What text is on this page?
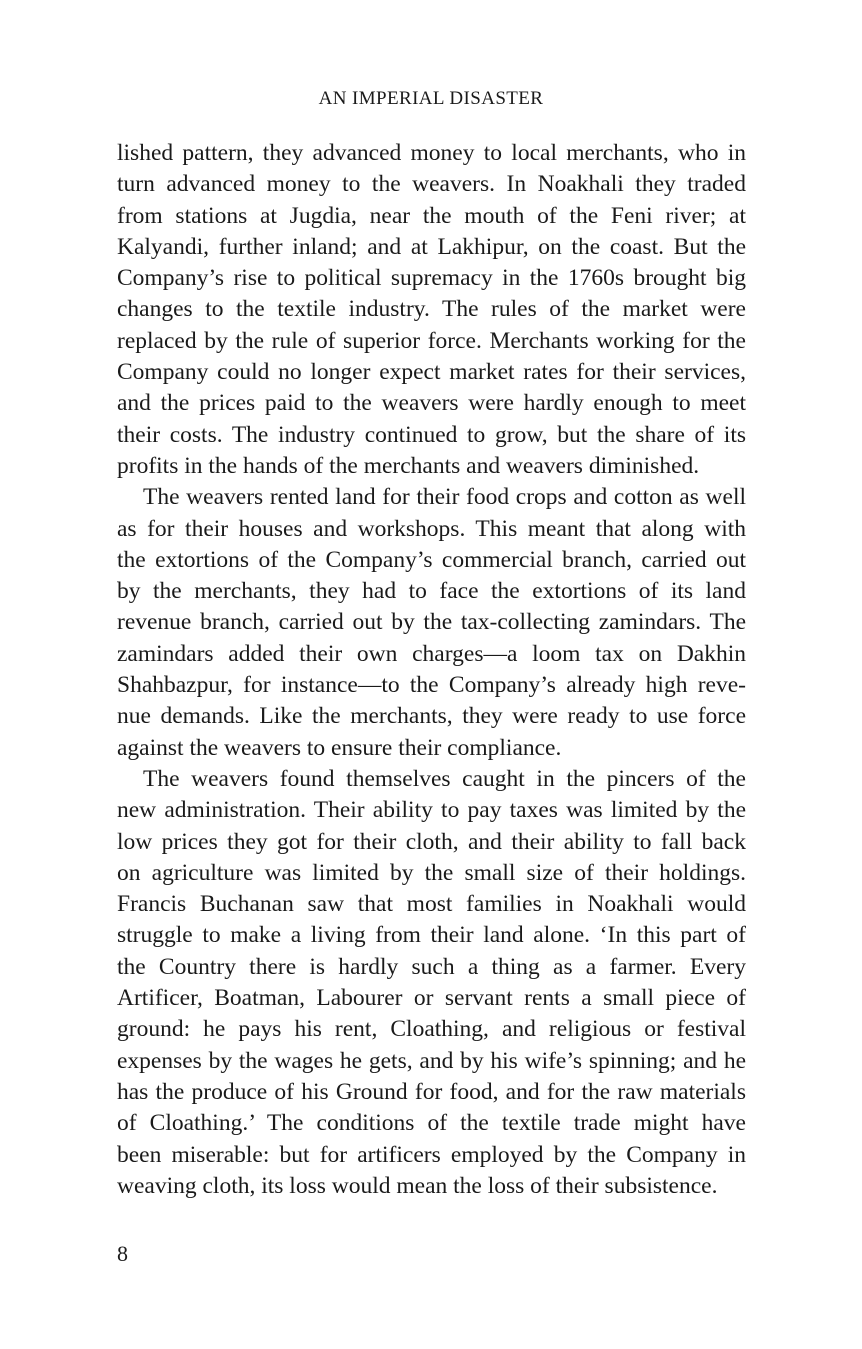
AN IMPERIAL DISASTER
lished pattern, they advanced money to local merchants, who in
turn advanced money to the weavers. In Noakhali they traded
from stations at Jugdia, near the mouth of the Feni river; at
Kalyandi, further inland; and at Lakhipur, on the coast. But the
Company’s rise to political supremacy in the 1760s brought big
changes to the textile industry. The rules of the market were
replaced by the rule of superior force. Merchants working for the
Company could no longer expect market rates for their services,
and the prices paid to the weavers were hardly enough to meet
their costs. The industry continued to grow, but the share of its
profits in the hands of the merchants and weavers diminished.
The weavers rented land for their food crops and cotton as well
as for their houses and workshops. This meant that along with
the extortions of the Company’s commercial branch, carried out
by the merchants, they had to face the extortions of its land
revenue branch, carried out by the tax-collecting zamindars. The
zamindars added their own charges—a loom tax on Dakhin
Shahbazpur, for instance—to the Company’s already high reve-
nue demands. Like the merchants, they were ready to use force
against the weavers to ensure their compliance.
The weavers found themselves caught in the pincers of the
new administration. Their ability to pay taxes was limited by the
low prices they got for their cloth, and their ability to fall back
on agriculture was limited by the small size of their holdings.
Francis Buchanan saw that most families in Noakhali would
struggle to make a living from their land alone. ‘In this part of
the Country there is hardly such a thing as a farmer. Every
Artificer, Boatman, Labourer or servant rents a small piece of
ground: he pays his rent, Cloathing, and religious or festival
expenses by the wages he gets, and by his wife’s spinning; and he
has the produce of his Ground for food, and for the raw materials
of Cloathing.’ The conditions of the textile trade might have
been miserable: but for artificers employed by the Company in
weaving cloth, its loss would mean the loss of their subsistence.
8
